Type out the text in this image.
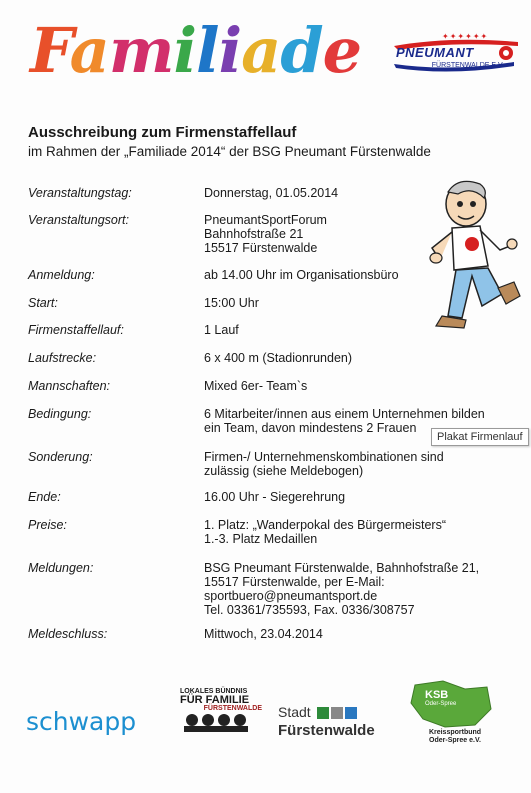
Familiade	✦✦✦✦✦✦
PNEUMANT
FÜRSTENWALDE E.V.
Ausschreibung zum Firmenstaffellauf
im Rahmen der „Familiade 2014“ der BSG Pneumant Fürstenwalde
Veranstaltungstag:	Donnerstag, 01.05.2014
Veranstaltungsort:	PneumantSportForum
Bahnhofstraße 21
15517 Fürstenwalde
Anmeldung:	ab 14.00 Uhr im Organisationsbüro
Start:	15:00 Uhr
Firmenstaffellauf:	1 Lauf
Laufstrecke:	6 x 400 m (Stadionrunden)
Mannschaften:	Mixed 6er- Team`s
Bedingung:	6 Mitarbeiter/innen aus einem Unternehmen bilden
ein Team, davon mindestens 2 Frauen
Sonderung:	Firmen-/ Unternehmenskombinationen sind
zulässig (siehe Meldebogen)
Ende:	16.00 Uhr - Siegerehrung
Preise:	1. Platz: „Wanderpokal des Bürgermeisters“
1.-3. Platz Medaillen
Meldungen:	BSG Pneumant Fürstenwalde, Bahnhofstraße 21,
15517 Fürstenwalde, per E-Mail:
sportbuero@pneumantsport.de
Tel. 03361/735593, Fax. 0336/308757
Meldeschluss:	Mittwoch, 23.04.2014
Plakat Firmenlauf
schwapp
LOKALES BÜNDNIS
FÜR FAMILIE
FÜRSTENWALDE Stadt
Fürstenwalde
KSB
Oder-Spree
Kreissportbund Oder-Spree e.V.
